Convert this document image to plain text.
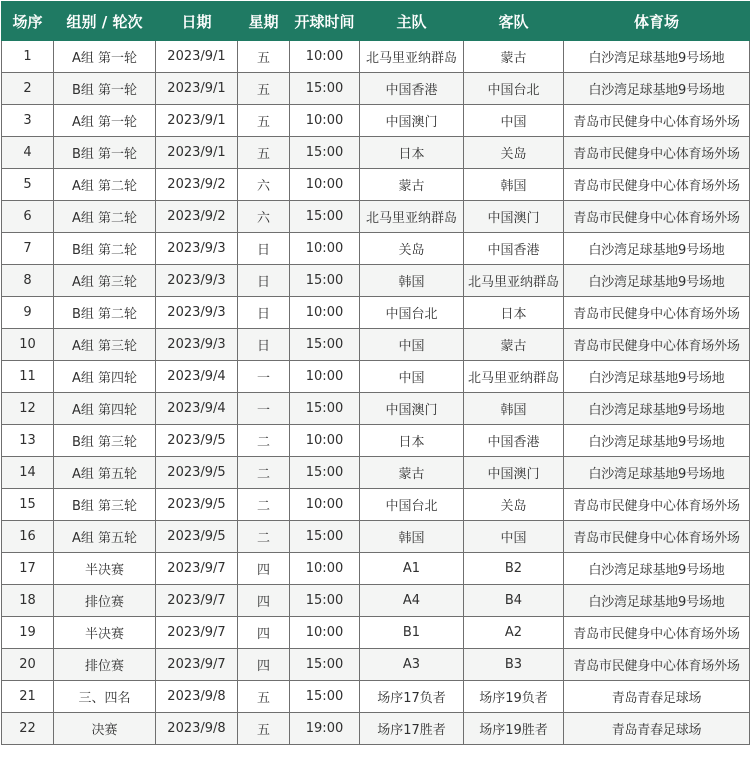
场序	组别 / 轮次	日期	星期	开球时间	主队	客队	体育场
1	A组 第一轮	2023/9/1	五	10:00	北马里亚纳群岛	蒙古	白沙湾足球基地9号场地
2	B组 第一轮	2023/9/1	五	15:00	中国香港	中国台北	白沙湾足球基地9号场地
3	A组 第一轮	2023/9/1	五	10:00	中国澳门	中国	青岛市民健身中心体育场外场
4	B组 第一轮	2023/9/1	五	15:00	日本	关岛	青岛市民健身中心体育场外场
5	A组 第二轮	2023/9/2	六	10:00	蒙古	韩国	青岛市民健身中心体育场外场
6	A组 第二轮	2023/9/2	六	15:00	北马里亚纳群岛	中国澳门	青岛市民健身中心体育场外场
7	B组 第二轮	2023/9/3	日	10:00	关岛	中国香港	白沙湾足球基地9号场地
8	A组 第三轮	2023/9/3	日	15:00	韩国	北马里亚纳群岛	白沙湾足球基地9号场地
9	B组 第二轮	2023/9/3	日	10:00	中国台北	日本	青岛市民健身中心体育场外场
10	A组 第三轮	2023/9/3	日	15:00	中国	蒙古	青岛市民健身中心体育场外场
11	A组 第四轮	2023/9/4	一	10:00	中国	北马里亚纳群岛	白沙湾足球基地9号场地
12	A组 第四轮	2023/9/4	一	15:00	中国澳门	韩国	白沙湾足球基地9号场地
13	B组 第三轮	2023/9/5	二	10:00	日本	中国香港	白沙湾足球基地9号场地
14	A组 第五轮	2023/9/5	二	15:00	蒙古	中国澳门	白沙湾足球基地9号场地
15	B组 第三轮	2023/9/5	二	10:00	中国台北	关岛	青岛市民健身中心体育场外场
16	A组 第五轮	2023/9/5	二	15:00	韩国	中国	青岛市民健身中心体育场外场
17	半决赛	2023/9/7	四	10:00	A1	B2	白沙湾足球基地9号场地
18	排位赛	2023/9/7	四	15:00	A4	B4	白沙湾足球基地9号场地
19	半决赛	2023/9/7	四	10:00	B1	A2	青岛市民健身中心体育场外场
20	排位赛	2023/9/7	四	15:00	A3	B3	青岛市民健身中心体育场外场
21	三、四名	2023/9/8	五	15:00	场序17负者	场序19负者	青岛青春足球场
22	决赛	2023/9/8	五	19:00	场序17胜者	场序19胜者	青岛青春足球场
